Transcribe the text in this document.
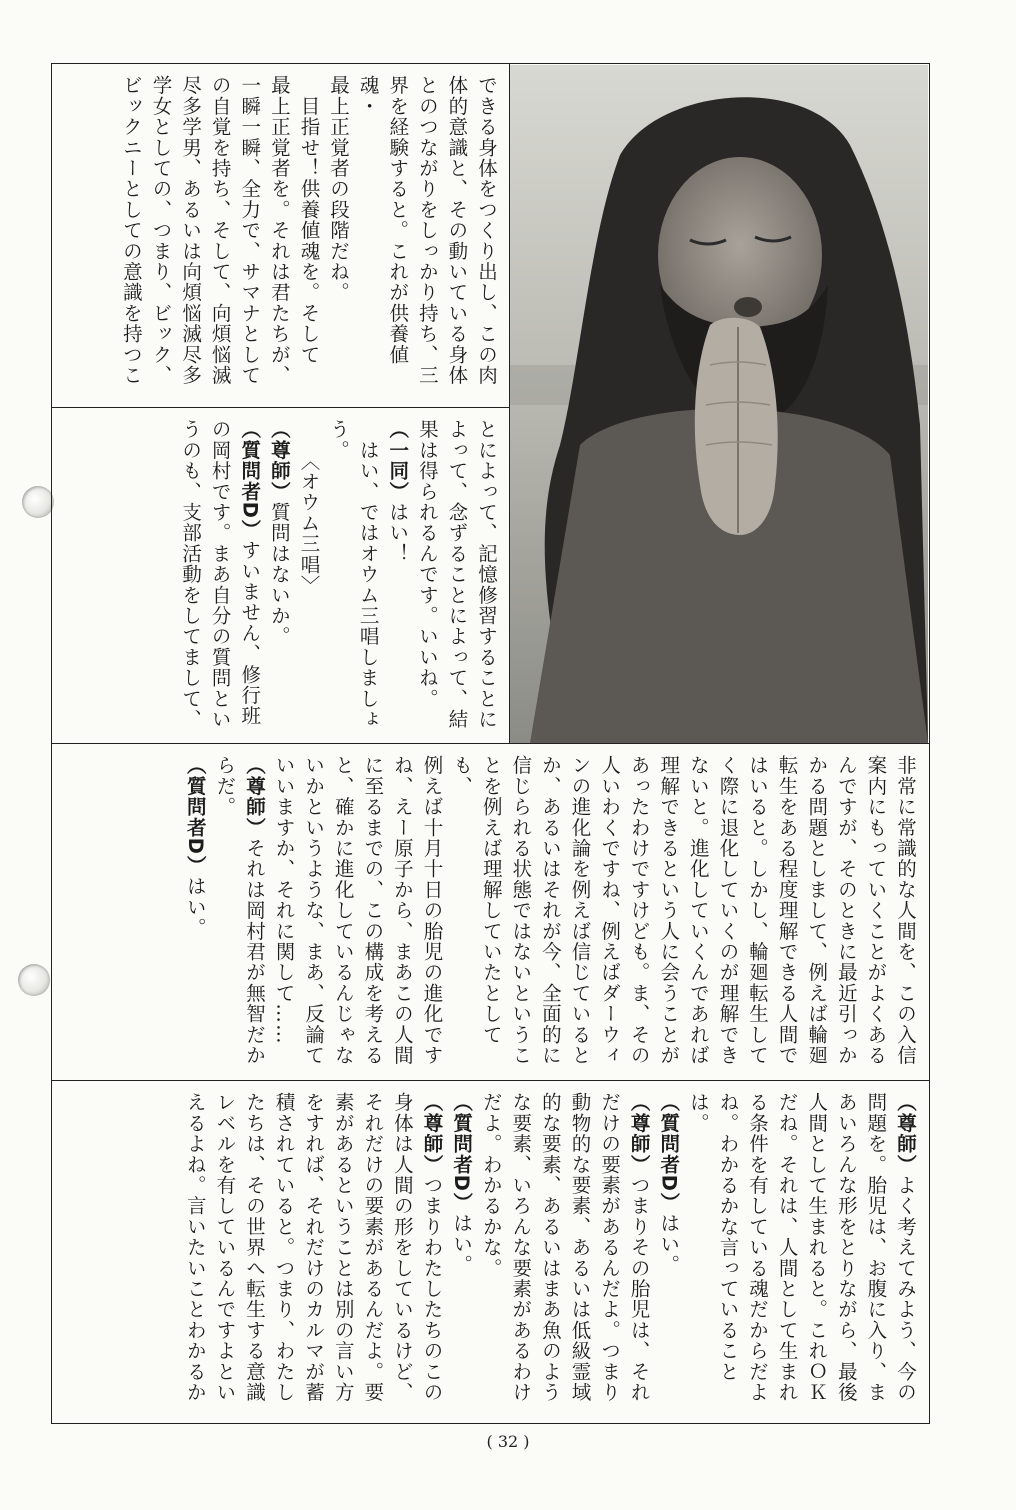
できる身体をつくり出し、この肉
体的意識と、その動いている身体
とのつながりをしっかり持ち、三
界を経験すると。これが供養値魂・
最上正覚者の段階だね。
　目指せ！供養値魂を。そして
最上正覚者を。それは君たちが、
一瞬一瞬、全力で、サマナとして
の自覚を持ち、そして、向煩悩滅
尽多学男、あるいは向煩悩滅尽多
学女としての、つまり、ビック、
ビックニーとしての意識を持つこ

とによって、記憶修習することに
よって、念ずることによって、結
果は得られるんです。いいね。

（一同）はい！

　はい、ではオウム三唱しましょ
う。

　　〈オウム三唱〉

（尊師）質問はないか。

（質問者D）すいません、修行班
の岡村です。まあ自分の質問とい
うのも、支部活動をしてまして、

非常に常識的な人間を、この入信
案内にもっていくことがよくある
んですが、そのときに最近引っか
かる問題としまして、例えば輪廻
転生をある程度理解できる人間で
はいると。しかし、輪廻転生して
く際に退化していくのが理解でき
ないと。進化していくんであれば
理解できるという人に会うことが
あったわけですけども。ま、その
人いわくですね、例えばダーウィ
ンの進化論を例えば信じていると
か、あるいはそれが今、全面的に
信じられる状態ではないというこ
とを例えば理解していたとしても、
例えば十月十日の胎児の進化です
ね、えー原子から、まあこの人間
に至るまでの、この構成を考える
と、確かに進化しているんじゃな
いかというような、まあ、反論て
いいますか、それに関して……

（尊師）それは岡村君が無智だか
らだ。

（質問者D）はい。

（尊師）よく考えてみよう、今の
問題を。胎児は、お腹に入り、ま
あいろんな形をとりながら、最後
人間として生まれると。これＯＫ
だね。それは、人間として生まれ
る条件を有している魂だからだよ
ね。わかるかな言っていることは。

（質問者D）はい。

（尊師）つまりその胎児は、それ
だけの要素があるんだよ。つまり
動物的な要素、あるいは低級霊域
的な要素、あるいはまあ魚のよう
な要素、いろんな要素があるわけ
だよ。わかるかな。

（質問者D）はい。

（尊師）つまりわたしたちのこの
身体は人間の形をしているけど、
それだけの要素があるんだよ。要
素があるということは別の言い方
をすれば、それだけのカルマが蓄
積されていると。つまり、わたし
たちは、その世界へ転生する意識
レベルを有しているんですよとい
えるよね。言いたいことわかるか

( 32 )
